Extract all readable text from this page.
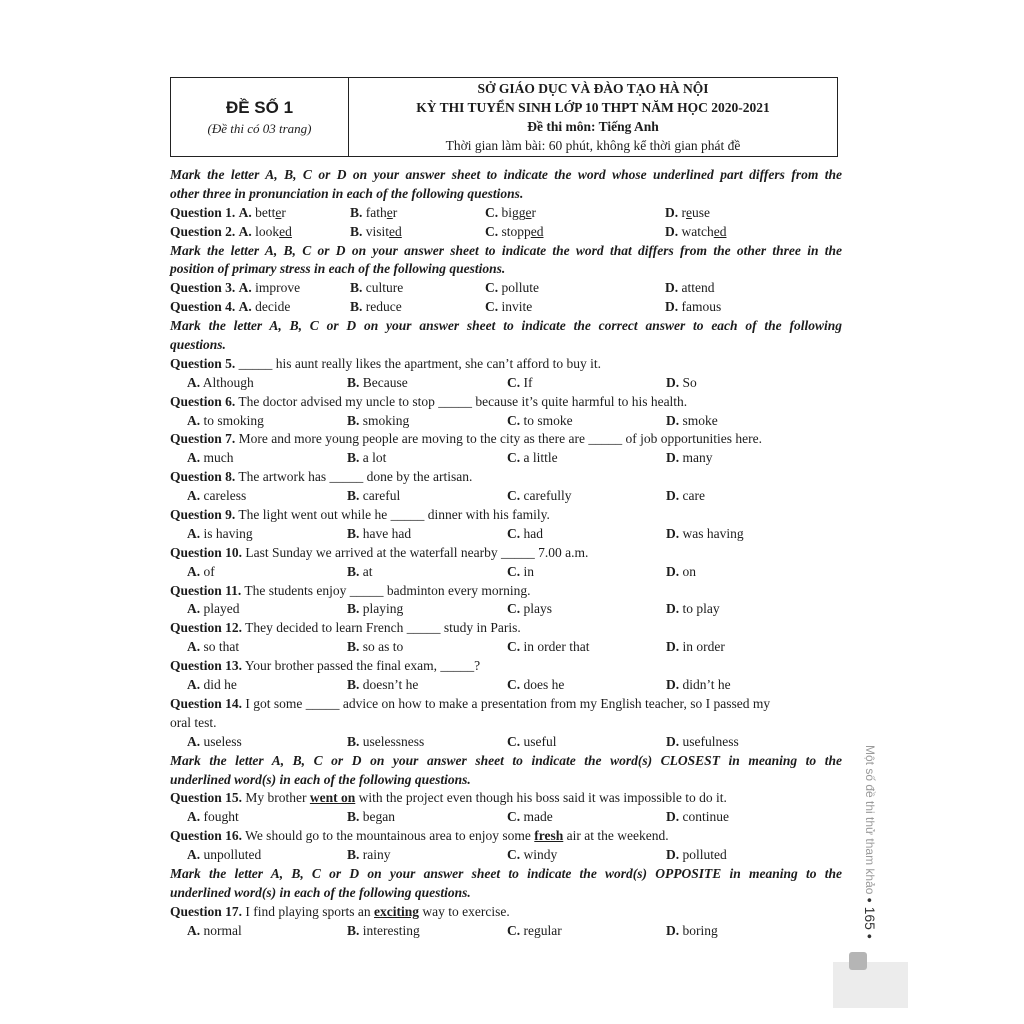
ĐỀ SỐ 1
(Đề thi có 03 trang)
SỞ GIÁO DỤC VÀ ĐÀO TẠO HÀ NỘI
KỲ THI TUYỂN SINH LỚP 10 THPT NĂM HỌC 2020-2021
Đề thi môn: Tiếng Anh
Thời gian làm bài: 60 phút, không kể thời gian phát đề
Mark the letter A, B, C or D on your answer sheet to indicate the word whose underlined part differs from the
other three in pronunciation in each of the following questions.
Question 1. A. better	B. father	C. bigger	D. reuse
Question 2. A. looked	B. visited	C. stopped	D. watched
Mark the letter A, B, C or D on your answer sheet to indicate the word that differs from the other three in the
position of primary stress in each of the following questions.
Question 3. A. improve	B. culture	C. pollute	D. attend
Question 4. A. decide	B. reduce	C. invite	D. famous
Mark the letter A, B, C or D on your answer sheet to indicate the correct answer to each of the following
questions.
Question 5. _____ his aunt really likes the apartment, she can’t afford to buy it.
A. Although	B. Because	C. If	D. So
Question 6. The doctor advised my uncle to stop _____ because it’s quite harmful to his health.
A. to smoking	B. smoking	C. to smoke	D. smoke
Question 7. More and more young people are moving to the city as there are _____ of job opportunities here.
A. much	B. a lot	C. a little	D. many
Question 8. The artwork has _____ done by the artisan.
A. careless	B. careful	C. carefully	D. care
Question 9. The light went out while he _____ dinner with his family.
A. is having	B. have had	C. had	D. was having
Question 10. Last Sunday we arrived at the waterfall nearby _____ 7.00 a.m.
A. of	B. at	C. in	D. on
Question 11. The students enjoy _____ badminton every morning.
A. played	B. playing	C. plays	D. to play
Question 12. They decided to learn French _____ study in Paris.
A. so that	B. so as to	C. in order that	D. in order
Question 13. Your brother passed the final exam, _____?
A. did he	B. doesn’t he	C. does he	D. didn’t he
Question 14. I got some _____ advice on how to make a presentation from my English teacher, so I passed my
oral test.
A. useless	B. uselessness	C. useful	D. usefulness
Mark the letter A, B, C or D on your answer sheet to indicate the word(s) CLOSEST in meaning to the
underlined word(s) in each of the following questions.
Question 15. My brother went on with the project even though his boss said it was impossible to do it.
A. fought	B. began	C. made	D. continue
Question 16. We should go to the mountainous area to enjoy some fresh air at the weekend.
A. unpolluted	B. rainy	C. windy	D. polluted
Mark the letter A, B, C or D on your answer sheet to indicate the word(s) OPPOSITE in meaning to the
underlined word(s) in each of the following questions.
Question 17. I find playing sports an exciting way to exercise.
A. normal	B. interesting	C. regular	D. boring
Một số đề thi thử tham khảo • 165 •
